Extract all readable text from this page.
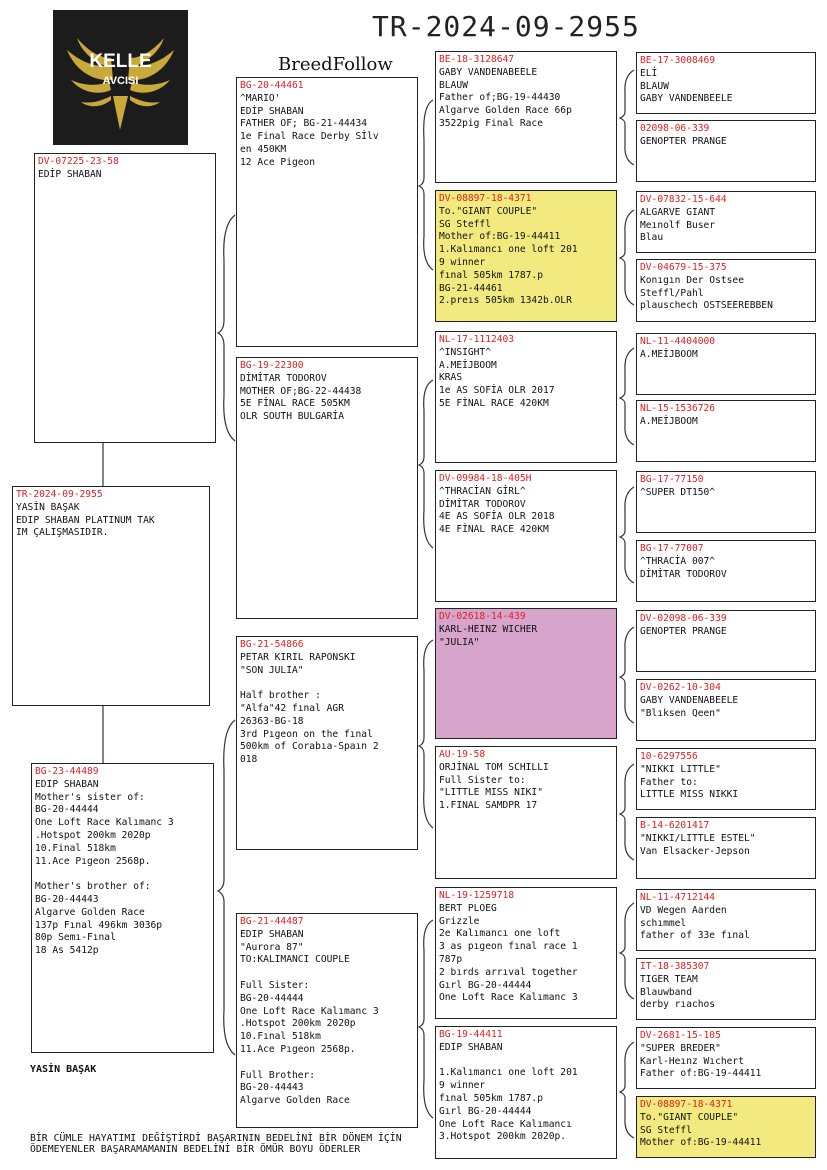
KELLE
AVCISI
TR-2024-09-2955
BreedFollow
TR-2024-09-2955
YASİN BAŞAK
EDIP SHABAN PLATINUM TAK
IM ÇALIŞMASIDIR.
DV-07225-23-58
EDİP SHABAN
BG-23-44489
EDIP SHABAN
Mother's sister of:
BG-20-44444
One Loft Race Kalımanc 3
.Hotspot 200km 2020p
10.Final 518km
11.Ace Pıgeon 2568p.
Mother's brother of:
BG-20-44443
Algarve Golden Race
137p Fınal 496km 3036p
80p Semı-Fınal
18 As 5412p
BG-20-44461
^MARIO'
EDİP SHABAN
FATHER OF; BG-21-44434
1e Final Race Derby Sİlv
en 450KM
12 Ace Pigeon
BG-19-22300
DİMİTAR TODOROV
MOTHER OF;BG-22-44438
5E FİNAL RACE 505KM
OLR SOUTH BULGARİA
BG-21-54866
PETAR KIRIL RAPONSKI
"SON JULIA"
Half brother :
"Alfa"42 fınal AGR
26363-BG-18
3rd Pıgeon on the fınal
500km of Corabıa-Spaın 2
018
BG-21-44487
EDIP SHABAN
"Aurora 87"
TO:KALIMANCI COUPLE
Full Sister:
BG-20-44444
One Loft Race Kalımanc 3
.Hotspot 200km 2020p
10.Fınal 518km
11.Ace Pıgeon 2568p.
Full Brother:
BG-20-44443
Algarve Golden Race
BE-18-3128647
GABY VANDENABEELE
BLAUW
Father of;BG-19-44430
Algarve Golden Race 66p
3522pig Final Race
DV-08897-18-4371
To."GIANT COUPLE"
SG Steffl
Mother of:BG-19-44411
1.Kalımancı one loft 201
9 winner
fınal 505km 1787.p
BG-21-44461
2.preıs 505km 1342b.OLR
NL-17-1112403
^INSIGHT^
A.MEİJBOOM
KRAS
1e AS SOFİA OLR 2017
5E FİNAL RACE 420KM
DV-09984-18-405H
^THRACİAN GİRL^
DİMİTAR TODOROV
4E AS SOFİA OLR 2018
4E FİNAL RACE 420KM
DV-02618-14-439
KARL-HEINZ WICHER
"JULIA"
AU-19-58
ORJİNAL TOM SCHILLI
Full Sister to:
"LITTLE MISS NIKI"
1.FINAL SAMDPR 17
NL-19-1259718
BERT PLOEG
Grizzle
2e Kalımancı one loft
3 as pıgeon fınal race 1
787p
2 bırds arrıval together
Gırl BG-20-44444
One Loft Race Kalımanc 3
BG-19-44411
EDIP SHABAN
1.Kalımancı one loft 201
9 winner
fınal 505km 1787.p
Gırl BG-20-44444
One Loft Race Kalımancı
3.Hotspot 200km 2020p.
BE-17-3008469
ELİ
BLAUW
GABY VANDENBEELE
02098-06-339
GENOPTER PRANGE
DV-07832-15-644
ALGARVE GIANT
Meınolf Buser
Blau
DV-04679-15-375
Konıgın Der Ostsee
Steffl/Pahl
plauschech OSTSEEREBBEN
NL-11-4404000
A.MEİJBOOM
NL-15-1536726
A.MEİJBOOM
BG-17-77150
^SUPER DT150^
BG-17-77007
^THRACİA 007^
DİMİTAR TODOROV
DV-02098-06-339
GENOPTER PRANGE
DV-0262-10-304
GABY VANDENABEELE
"Blıksen Qeen"
10-6297556
"NIKKI LITTLE"
Father to:
LITTLE MISS NIKKI
B-14-6201417
"NIKKI/LITTLE ESTEL"
Van Elsacker-Jepson
NL-11-4712144
VD Wegen Aarden
schımmel
father of 33e fınal
IT-18-385307
TIGER TEAM
Blauwband
derby rıachos
DV-2681-15-105
"SUPER BREDER"
Karl-Heınz Wıchert
Father of:BG-19-44411
DV-08897-18-4371
To."GIANT COUPLE"
SG Steffl
Mother of:BG-19-44411
YASİN BAŞAK
BİR CÜMLE HAYATIMI DEĞİŞTİRDİ BAŞARININ BEDELİNİ BİR DÖNEM İÇİN ÖDEMEYENLER BAŞARAMAMANIN BEDELİNİ BİR ÖMÜR BOYU ÖDERLER
